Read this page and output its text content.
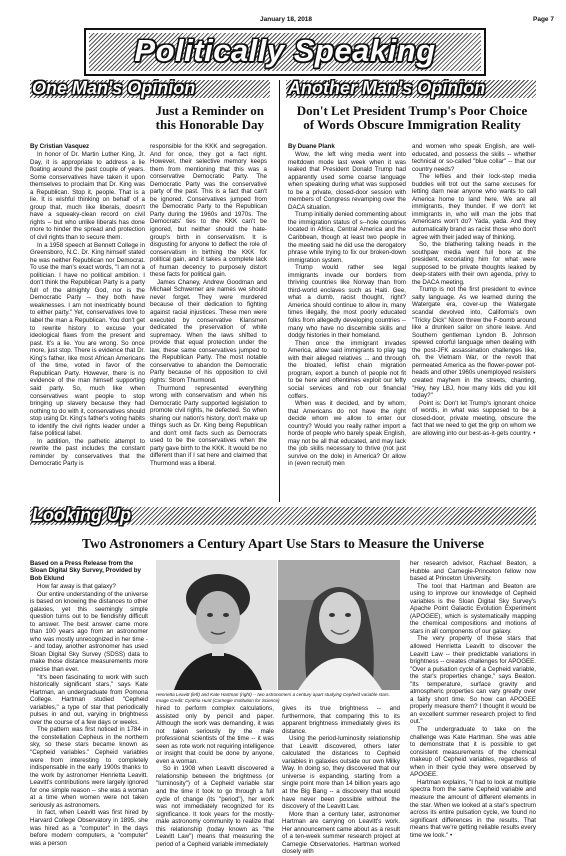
January 18, 2018	Page 7
Politically Speaking
One Man's Opinion
Just a Reminder on
this Honorable Day
By Cristian Vasquez

In honor of Dr. Martin Luther King, Jr. Day, it is appropriate to address a lie floating around the past couple of years. Some conservatives have taken it upon themselves to proclaim that Dr. King was a Republican. Stop it, people. That is a lie. It is wishful thinking on behalf of a group that, much like liberals, doesn't have a squeaky-clean record on civil rights -- but who unlike liberals has done more to hinder the spread and protection of civil rights than to secure them.

In a 1958 speech at Bennett College in Greensboro, N.C. Dr. King himself stated he was neither Republican nor Democrat. To use the man's exact words, "I am not a politician. I have no political ambition. I don't think the Republican Party is a party full of the almighty God, nor is the Democratic Party -- they both have weaknesses. I am not inextricably bound to either party." Yet, conservatives love to label the man a Republican. You don't get to rewrite history to excuse your ideological flaws from the present and past. It's a lie. You are wrong. So once more, just stop. There is evidence that Dr. King's father, like most African Americans of the time, voted in favor of the Republican Party. However, there is no evidence of the man himself supporting said party. So, much like when conservatives want people to stop bringing up slavery because they had nothing to do with it, conservatives should stop using Dr. King's father's voting habits to identify the civil rights leader under a false political label.

In addition, the pathetic attempt to rewrite the past includes the constant reminder by conservatives that the Democratic Party is

responsible for the KKK and segregation. And for once, they got a fact right. However, their selective memory keeps them from mentioning that this was a conservative Democratic Party. The Democratic Party was the conservative party of the past. This is a fact that can't be ignored. Conservatives jumped from the Democratic Party to the Republican Party during the 1960s and 1970s. The Democrats' ties to the KKK can't be ignored, but neither should the hate-group's birth in conservatism. It is disgusting for anyone to deflect the role of conservatism in birthing the KKK for political gain, and it takes a complete lack of human decency to purposely distort these facts for political gain.

James Chaney, Andrew Goodman and Michael Schwerner are names we should never forget. They were murdered because of their dedication to fighting against racial injustices. These men were executed by conservative Klansmen dedicated the preservation of white supremacy. When the laws shifted to provide that equal protection under the law, these same conservatives jumped to the Republican Party. The most notable conservative to abandon the Democratic Party because of his opposition to civil rights: Strom Thurmond.

Thurmond represented everything wrong with conservatism and when his Democratic Party supported legislation to promote civil rights, he defected. So when sharing our nation's history, don't make up things such as Dr. King being Republican and don't omit facts such as Democrats used to be the conservatives when the party gave birth to the KKK. It would be no different than if I sat here and claimed that Thurmond was a liberal.

Another Man's Opinion
Don't Let President Trump's Poor Choice
of Words Obscure Immigration Reality
By Duane Plank

Wow, the left wing media went into meltdown mode last week when it was leaked that President Donald Trump had apparently used some coarse language when speaking during what was supposed to be a private, closed-door session with members of Congress revamping over the DACA situation.

Trump initially denied commenting about the immigration status of s--hole countries located in Africa, Central America and the Caribbean, though at least two people in the meeting said he did use the derogatory phrase while trying to fix our broken-down immigration system.

Trump would rather see legal immigrants invade our borders from thriving countries like Norway than from third-world enclaves such as Haiti. Gee, what a dumb, racist thought, right? America should continue to allow in, many times illegally, the most poorly educated folks from allegedly developing countries -- many who have no discernible skills and dodgy histories in their homeland.

Then once the immigrant invades America, allow said immigrants to play tag with their alleged relatives ... and through the bloated, leftist chain migration program, export a bunch of people not fit to be here and oftentimes exploit our lefty social services and rob our financial coffers.

When was it decided, and by whom, that Americans do not have the right decide whom we allow to enter our country? Would you really rather import a horde of people who barely speak English, may not be all that educated, and may lack the job skills necessary to thrive (not just survive on the dole) in America? Or allow in (even recruit) men

and women who speak English, are well-educated, and possess the skills -- whether technical or so-called "blue collar" -- that our country needs?

The lefties and their lock-step media buddies will trot out the same excuses for letting darn near anyone who wants to call America home to land here. We are all immigrants, they thunder. If we don't let immigrants in, who will man the jobs that Americans won't do? Yada, yada. And they automatically brand as racist those who don't agree with their jaded way of thinking.

So, the blathering talking heads in the southpaw media went full bore at the president, excoriating him for what were supposed to be private thoughts leaked by deep-staters with their own agenda, privy to the DACA meeting.

Trump is not the first president to evince salty language. As we learned during the Watergate era, cover-up the Watergate scandal devolved into, California's own "Tricky Dick" Nixon threw the F-bomb around like a drunken sailor on shore leave. And Southern gentleman Lyndon B. Johnson spewed colorful language when dealing with the post-JFK assassination challenges like, oh, the Vietnam War, or the revolt that permeated America as the flower-power pot-heads and other 1960s unemployed resisters created mayhem in the streets, chanting, "Hey, hey LBJ, how many kids did you kill today?"

Point is: Don't let Trump's ignorant choice of words, in what was supposed to be a closed-door, private meeting, obscure the fact that we need to get the grip on whom we are allowing into our best-as-it-gets country. •

Looking Up
Two Astronomers a Century Apart Use Stars to Measure the Universe
Based on a Press Release from the Sloan Digital Sky Survey, Provided by Bob Eklund

How far away is that galaxy?

Our entire understanding of the universe is based on knowing the distances to other galaxies, yet this seemingly simple question turns out to be fiendishly difficult to answer. The best answer came more than 100 years ago from an astronomer who was mostly unrecognized in her time -- and today, another astronomer has used Sloan Digital Sky Survey (SDSS) data to make those distance measurements more precise than ever.

"It's been fascinating to work with such historically significant stars," says Kate Hartman, an undergraduate from Pomona College. Hartman studied "Cepheid variables," a type of star that periodically pulses in and out, varying in brightness over the course of a few days or weeks.

The pattern was first noticed in 1784 in the constellation Cepheus in the northern sky, so these stars became known as "Cepheid variables." Cepheid variables were from interesting to completely indispensable in the early 1900s thanks to the work by astronomer Henrietta Leavitt. Leavitt's contributions were largely ignored for one simple reason -- she was a woman at a time when women were not taken seriously as astronomers.

In fact, when Leavitt was first hired by Harvard College Observatory in 1895, she was hired as a "computer" In the days before modern computers, a "computer" was a person

Henrietta Leavitt (left) and Kate Hartman (right) -- two astronomers a century apart studying Cepheid variable stars. Image Credit: Cynthia Hunt (Carnegie Institution for Science)

hired to perform complex calculations, assisted only by pencil and paper. Although the work was demanding, it was not taken seriously by the male professional scientists of the time -- it was seen as rote work not requiring intelligence or insight that could be done by anyone, even a woman.

So in 1908 when Leavitt discovered a relationship between the brightness (or "luminosity") of a Cepheid variable star and the time it took to go through a full cycle of change (its "period"), her work was not immediately recognized for its significance. It took years for the mostly-male astronomy community to realize that this relationship (today known as "the Leavitt Law") means that measuring the period of a Cepheid variable immediately

gives its true brightness -- and furthermore, that comparing this to its apparent brightness immediately gives its distance.

Using the period-luminosity relationship that Leavitt discovered, others later calculated the distances to Cepheid variables in galaxies outside our own Milky Way. In doing so, they discovered that our universe is expanding, starting from a single point more than 14 billion years ago at the Big Bang -- a discovery that would have never been possible without the discovery of the Leavitt Law.

More than a century later, astronomer Hartman are carrying on Leavitt's work. Her announcement came about as a result of a ten-week summer research project at Carnegie Observatories. Hartman worked closely with

her research advisor, Rachael Beaton, a Hubble and Carnegie-Princeton fellow now based at Princeton University.

The tool that Hartman and Beaton are using to improve our knowledge of Cepheid variables is the Sloan Digital Sky Survey's Apache Point Galactic Evolution Experiment (APOGEE), which is systematically mapping the chemical compositions and motions of stars in all components of our galaxy.

The very property of these stars that allowed Henrietta Leavitt to discover the Leavitt Law -- their predictable variations in brightness -- creates challenges for APOGEE. "Over a pulsation cycle of a Cepheid variable, the star's properties change," says Beaton. "Its temperature, surface gravity and atmospheric properties can vary greatly over a fairly short time. So how can APOGEE properly measure them? I thought it would be an excellent summer research project to find out."

The undergraduate to take on the challenge was Kate Hartman. She was able to demonstrate that it is possible to get consistent measurements of the chemical makeup of Cepheid variables, regardless of when in their cycle they were observed by APOGEE.

Hartman explains, "I had to look at multiple spectra from the same Cepheid variable and measure the amount of different elements in the star. When we looked at a star's spectrum across its entire pulsation cycle, we found no significant differences in the results. That means that we're getting reliable results every time we look." •
